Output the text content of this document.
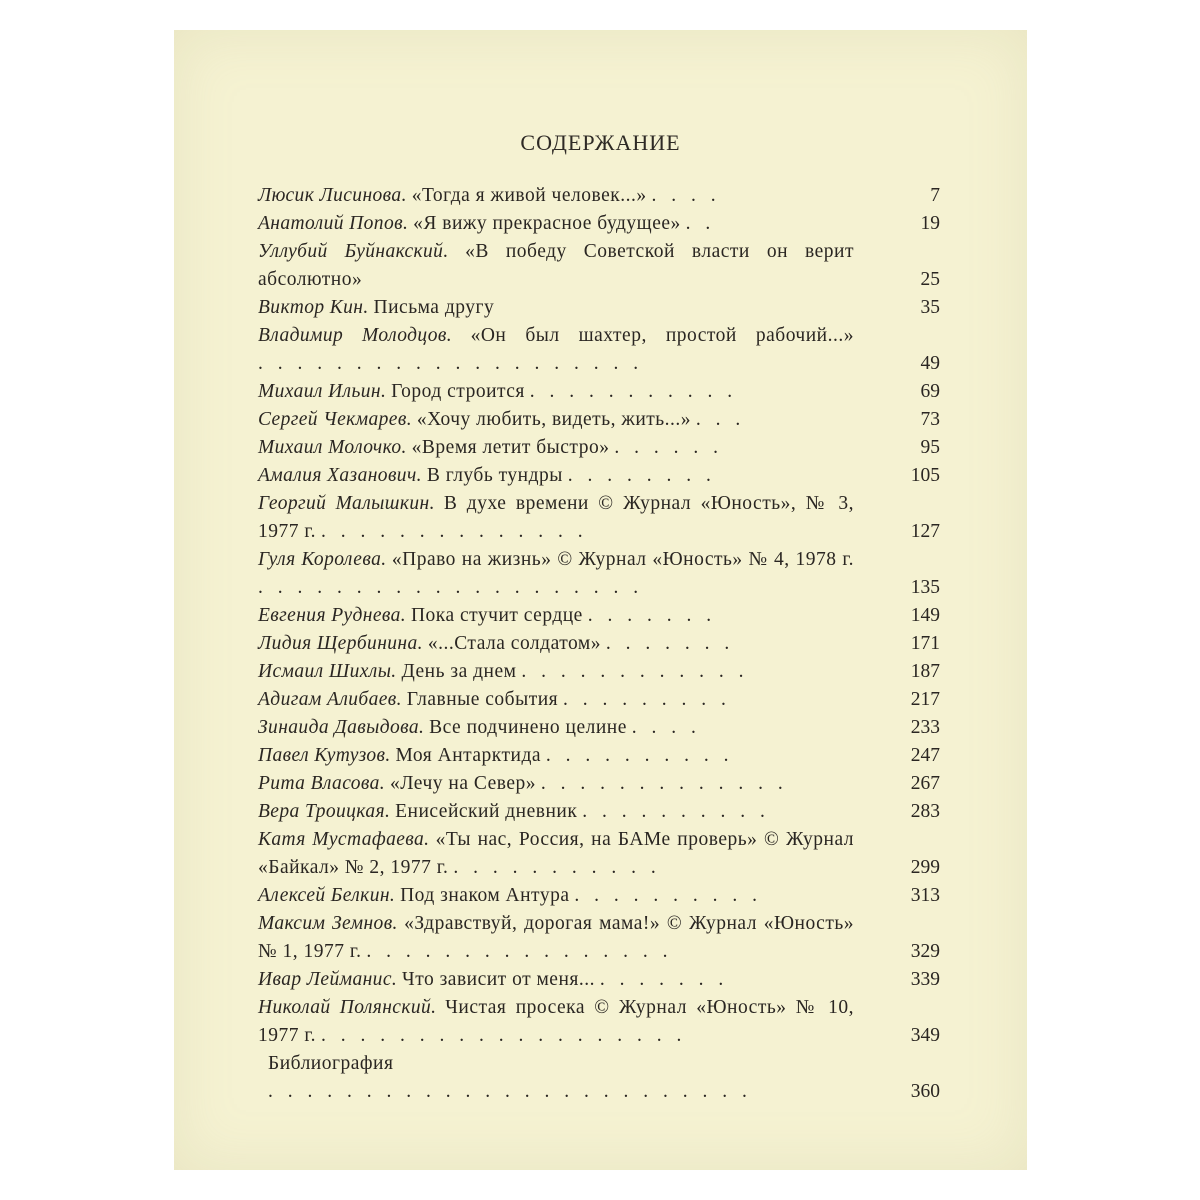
СОДЕРЖАНИЕ
Люсик Лисинова. «Тогда я живой человек...» . . . .	7
Анатолий Попов. «Я вижу прекрасное будущее» . .	19
Уллубий Буйнакский. «В победу Советской власти он верит абсолютно»	25
Виктор Кин. Письма другу	35
Владимир Молодцов. «Он был шахтер, простой рабочий...» . . . . . . . . . . . . . . . . . . . .	49
Михаил Ильин. Город строится . . . . . . . . . . .	69
Сергей Чекмарев. «Хочу любить, видеть, жить...» . . .	73
Михаил Молочко. «Время летит быстро» . . . . . .	95
Амалия Хазанович. В глубь тундры . . . . . . . .	105
Георгий Малышкин. В духе времени © Журнал «Юность», № 3, 1977 г. . . . . . . . . . . . . . .	127
Гуля Королева. «Право на жизнь» © Журнал «Юность» № 4, 1978 г. . . . . . . . . . . . . . . . . . . . .	135
Евгения Руднева. Пока стучит сердце . . . . . . .	149
Лидия Щербинина. «...Стала солдатом» . . . . . . .	171
Исмаил Шихлы. День за днем . . . . . . . . . . . .	187
Адигам Алибаев. Главные события . . . . . . . . .	217
Зинаида Давыдова. Все подчинено целине . . . .	233
Павел Кутузов. Моя Антарктида . . . . . . . . . .	247
Рита Власова. «Лечу на Север» . . . . . . . . . . . . .	267
Вера Троицкая. Енисейский дневник . . . . . . . . . .	283
Катя Мустафаева. «Ты нас, Россия, на БАМе проверь» © Журнал «Байкал» № 2, 1977 г. . . . . . . . . . . .	299
Алексей Белкин. Под знаком Антура . . . . . . . . . .	313
Максим Земнов. «Здравствуй, дорогая мама!» © Журнал «Юность» № 1, 1977 г. . . . . . . . . . . . . . . . .	329
Ивар Лейманис. Что зависит от меня... . . . . . . .	339
Николай Полянский. Чистая просека © Журнал «Юность» № 10, 1977 г. . . . . . . . . . . . . . . . . . . .	349
Библиография . . . . . . . . . . . . . . . . . . . . . . . . .	360
